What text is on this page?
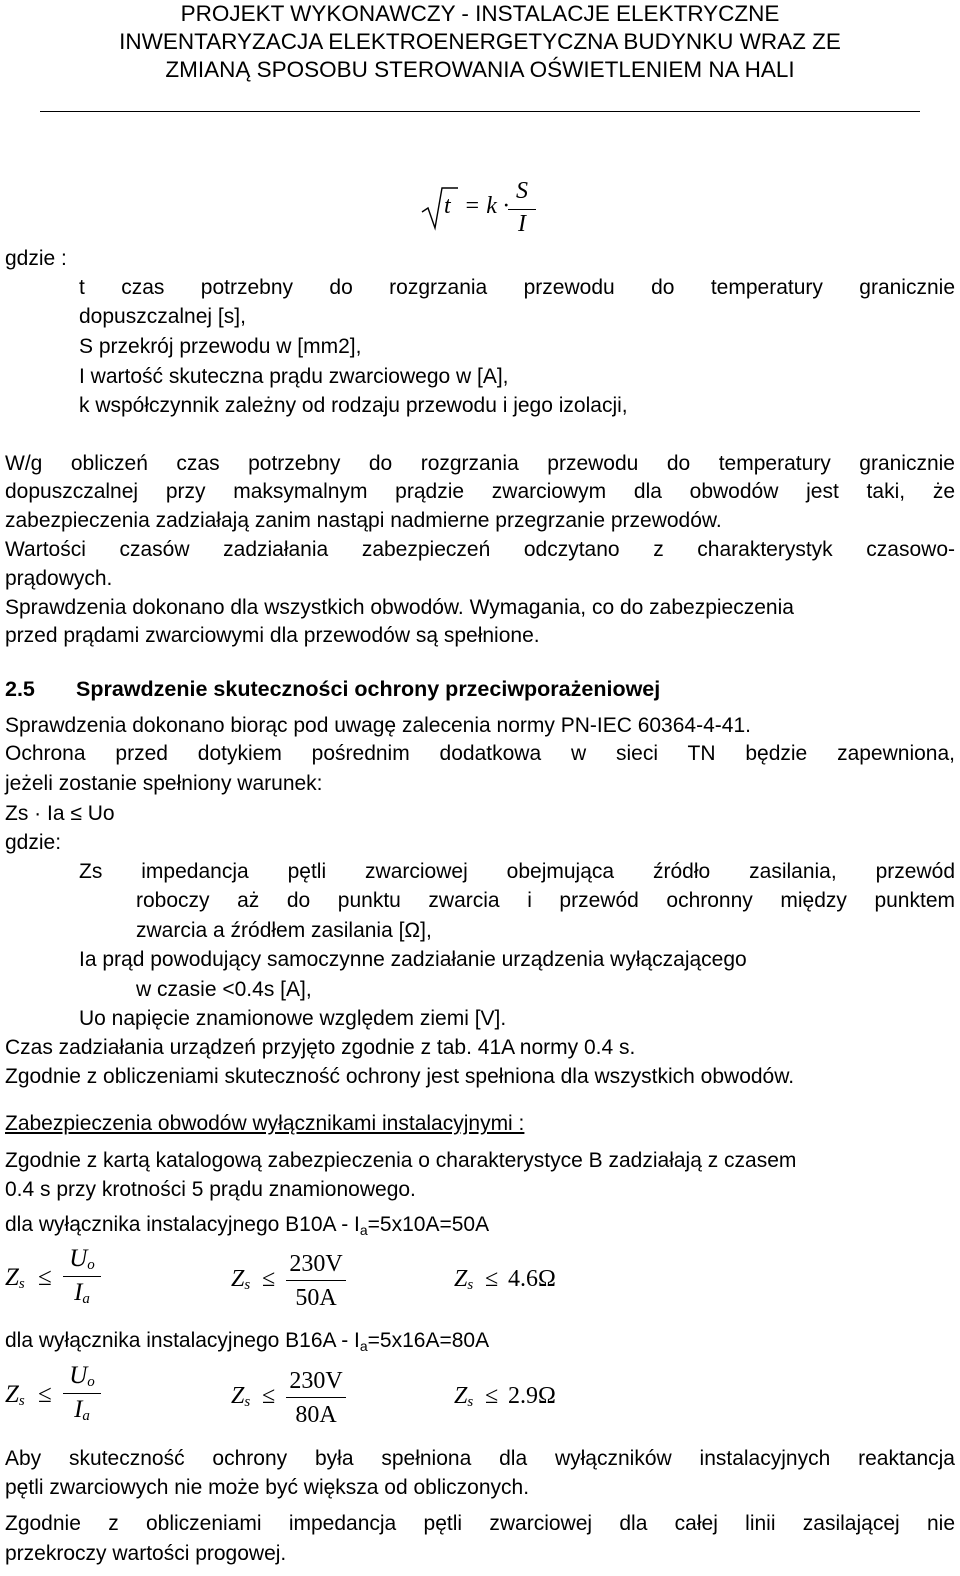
PROJEKT WYKONAWCZY - INSTALACJE ELEKTRYCZNE
INWENTARYZACJA ELEKTROENERGETYCZNA BUDYNKU WRAZ ZE
ZMIANĄ SPOSOBU STEROWANIA OŚWIETLENIEM NA HALI
t = k ·
S
I
gdzie :
t czas potrzebny do rozgrzania przewodu do temperatury granicznie
dopuszczalnej [s],
S przekrój przewodu w [mm2],
I wartość skuteczna prądu zwarciowego w [A],
k współczynnik zależny od rodzaju przewodu i jego izolacji,
W/g obliczeń czas potrzebny do rozgrzania przewodu do temperatury granicznie
dopuszczalnej przy maksymalnym prądzie zwarciowym dla obwodów jest taki, że
zabezpieczenia zadziałają zanim nastąpi nadmierne przegrzanie przewodów.
Wartości czasów zadziałania zabezpieczeń odczytano z charakterystyk czasowo-
prądowych.
Sprawdzenia dokonano dla wszystkich obwodów. Wymagania, co do zabezpieczenia
przed prądami zwarciowymi dla przewodów są spełnione.
2.5 Sprawdzenie skuteczności ochrony przeciwporażeniowej
Sprawdzenia dokonano biorąc pod uwagę zalecenia normy PN-IEC 60364-4-41.
Ochrona przed dotykiem pośrednim dodatkowa w sieci TN będzie zapewniona,
jeżeli zostanie spełniony warunek:
Zs · Ia ≤ Uo
gdzie:
Zs impedancja pętli zwarciowej obejmująca źródło zasilania, przewód
roboczy aż do punktu zwarcia i przewód ochronny między punktem
zwarcia a źródłem zasilania [Ω],
Ia prąd powodujący samoczynne zadziałanie urządzenia wyłączającego
w czasie <0.4s [A],
Uo napięcie znamionowe względem ziemi [V].
Czas zadziałania urządzeń przyjęto zgodnie z tab. 41A normy 0.4 s.
Zgodnie z obliczeniami skuteczność ochrony jest spełniona dla wszystkich obwodów.
Zabezpieczenia obwodów wyłącznikami instalacyjnymi :
Zgodnie z kartą katalogową zabezpieczenia o charakterystyce B zadziałają z czasem
0.4 s przy krotności 5 prądu znamionowego.
dla wyłącznika instalacyjnego $B10A - I_a=5x10A=50A$
$Z_s$ ≤
$U_o$
$I_a$
$Z_s$ ≤
230V
50A
$Z_s \le 4.6\Omega$
dla wyłącznika instalacyjnego $B16A - I_a=5x16A=80A$
$Z_s$ ≤
$U_o$
$I_a$
$Z_s$ ≤
230V
80A
$Z_s \le 2.9\Omega$
Aby skuteczność ochrony była spełniona dla wyłączników instalacyjnych reaktancja
pętli zwarciowych nie może być większa od obliczonych.
Zgodnie z obliczeniami impedancja pętli zwarciowej dla całej linii zasilającej nie
przekroczy wartości progowej.
